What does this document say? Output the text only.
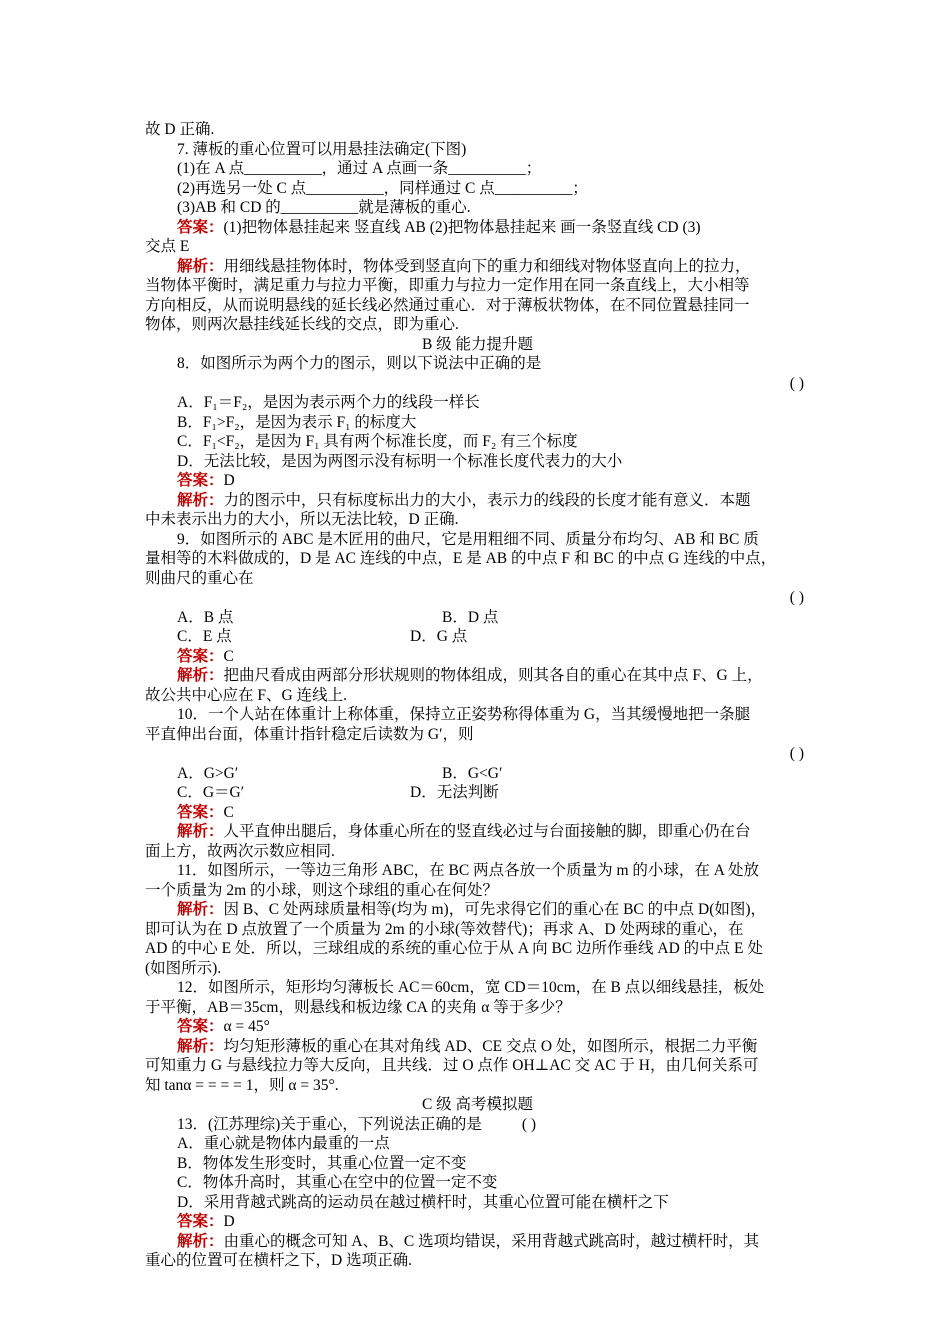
故 D 正确.
7. 薄板的重心位置可以用悬挂法确定(下图)
(1)在 A 点__________，通过 A 点画一条__________；
(2)再选另一处 C 点__________，同样通过 C 点__________；
(3)AB 和 CD 的__________就是薄板的重心.
答案：(1)把物体悬挂起来 竖直线 AB (2)把物体悬挂起来 画一条竖直线 CD (3)
交点 E
解析：用细线悬挂物体时，物体受到竖直向下的重力和细线对物体竖直向上的拉力，
当物体平衡时，满足重力与拉力平衡，即重力与拉力一定作用在同一条直线上，大小相等
方向相反，从而说明悬线的延长线必然通过重心．对于薄板状物体，在不同位置悬挂同一
物体，则两次悬挂线延长线的交点，即为重心.
B 级 能力提升题
8．如图所示为两个力的图示，则以下说法中正确的是
( )

A．F₁＝F₂，是因为表示两个力的线段一样长
B．F₁>F₂，是因为表示 F₁ 的标度大
C．F₁<F₂，是因为 F₁ 具有两个标准长度，而 F₂ 有三个标度
D．无法比较，是因为两图示没有标明一个标准长度代表力的大小
答案：D
解析：力的图示中，只有标度标出力的大小，表示力的线段的长度才能有意义．本题
中未表示出力的大小，所以无法比较，D 正确.
9．如图所示的 ABC 是木匠用的曲尺，它是用粗细不同、质量分布均匀、AB 和 BC 质
量相等的木料做成的，D 是 AC 连线的中点，E 是 AB 的中点 F 和 BC 的中点 G 连线的中点，
则曲尺的重心在
( )

A．B 点	B．D 点
C．E 点	D．G 点
答案：C
解析：把曲尺看成由两部分形状规则的物体组成，则其各自的重心在其中点 F、G 上，
故公共中心应在 F、G 连线上.
10．一个人站在体重计上称体重，保持立正姿势称得体重为 G，当其缓慢地把一条腿
平直伸出台面，体重计指针稳定后读数为 G′，则
( )

A．G>G′	B．G<G′
C．G＝G′	D．无法判断
答案：C
解析：人平直伸出腿后，身体重心所在的竖直线必过与台面接触的脚，即重心仍在台
面上方，故两次示数应相同.
11．如图所示，一等边三角形 ABC，在 BC 两点各放一个质量为 m 的小球，在 A 处放
一个质量为 2m 的小球，则这个球组的重心在何处？
解析：因 B、C 处两球质量相等(均为 m)，可先求得它们的重心在 BC 的中点 D(如图)，
即可认为在 D 点放置了一个质量为 2m 的小球(等效替代)；再求 A、D 处两球的重心，在
AD 的中心 E 处．所以，三球组成的系统的重心位于从 A 向 BC 边所作垂线 AD 的中点 E 处
(如图所示).
12．如图所示，矩形均匀薄板长 AC＝60cm，宽 CD＝10cm，在 B 点以细线悬挂，板处
于平衡，AB＝35cm，则悬线和板边缘 CA 的夹角 α 等于多少？
答案：α = 45°
解析：均匀矩形薄板的重心在其对角线 AD、CE 交点 O 处，如图所示，根据二力平衡
可知重力 G 与悬线拉力等大反向，且共线．过 O 点作 OH⊥AC 交 AC 于 H，由几何关系可
知 tanα = = = = 1，则 α = 35°.
C 级 高考模拟题
13．(江苏理综)关于重心，下列说法正确的是	( )
A．重心就是物体内最重的一点
B．物体发生形变时，其重心位置一定不变
C．物体升高时，其重心在空中的位置一定不变
D．采用背越式跳高的运动员在越过横杆时，其重心位置可能在横杆之下
答案：D
解析：由重心的概念可知 A、B、C 选项均错误，采用背越式跳高时，越过横杆时，其
重心的位置可在横杆之下，D 选项正确.
